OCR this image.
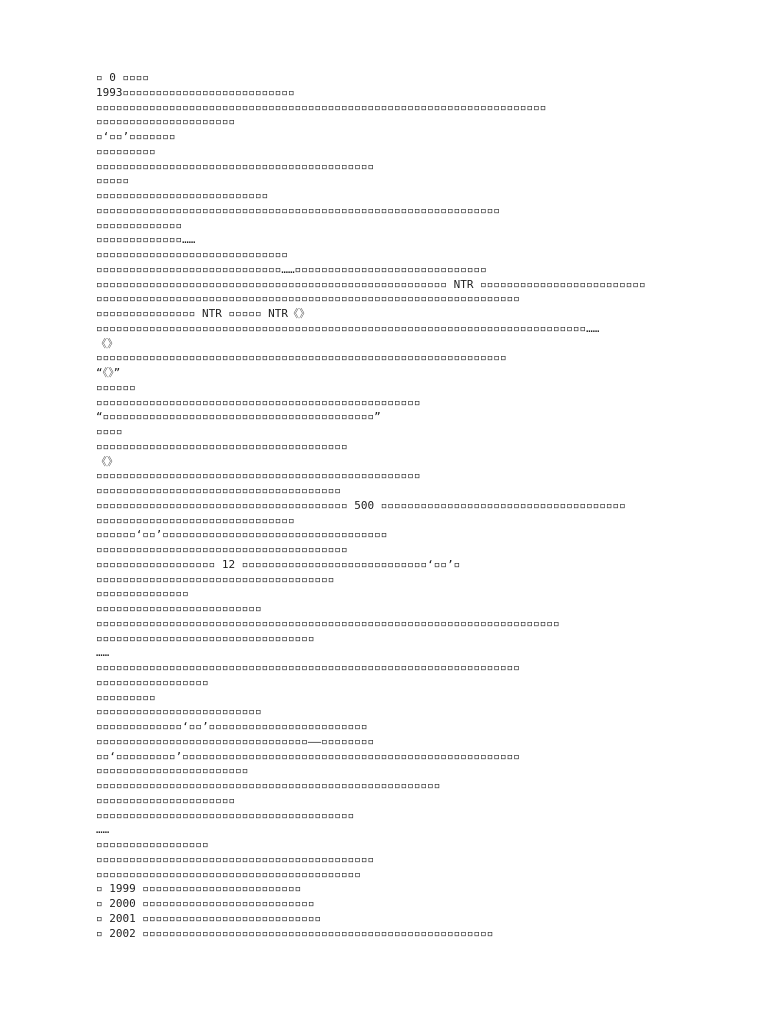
▫ 0 ▫▫▫▫
1993▫▫▫▫▫▫▫▫▫▫▫▫▫▫▫▫▫▫▫▫▫▫▫▫▫▫
▫▫▫▫▫▫▫▫▫▫▫▫▫▫▫▫▫▫▫▫▫▫▫▫▫▫▫▫▫▫▫▫▫▫▫▫▫▫▫▫▫▫▫▫▫▫▫▫▫▫▫▫▫▫▫▫▫▫▫▫▫▫▫▫▫▫▫▫
▫▫▫▫▫▫▫▫▫▫▫▫▫▫▫▫▫▫▫▫▫
▫‘▫▫’▫▫▫▫▫▫▫
▫▫▫▫▫▫▫▫▫
▫▫▫▫▫▫▫▫▫▫▫▫▫▫▫▫▫▫▫▫▫▫▫▫▫▫▫▫▫▫▫▫▫▫▫▫▫▫▫▫▫▫
▫▫▫▫▫
▫▫▫▫▫▫▫▫▫▫▫▫▫▫▫▫▫▫▫▫▫▫▫▫▫▫
▫▫▫▫▫▫▫▫▫▫▫▫▫▫▫▫▫▫▫▫▫▫▫▫▫▫▫▫▫▫▫▫▫▫▫▫▫▫▫▫▫▫▫▫▫▫▫▫▫▫▫▫▫▫▫▫▫▫▫▫▫
▫▫▫▫▫▫▫▫▫▫▫▫▫
▫▫▫▫▫▫▫▫▫▫▫▫▫……
▫▫▫▫▫▫▫▫▫▫▫▫▫▫▫▫▫▫▫▫▫▫▫▫▫▫▫▫▫
▫▫▫▫▫▫▫▫▫▫▫▫▫▫▫▫▫▫▫▫▫▫▫▫▫▫▫▫……▫▫▫▫▫▫▫▫▫▫▫▫▫▫▫▫▫▫▫▫▫▫▫▫▫▫▫▫▫
▫▫▫▫▫▫▫▫▫▫▫▫▫▫▫▫▫▫▫▫▫▫▫▫▫▫▫▫▫▫▫▫▫▫▫▫▫▫▫▫▫▫▫▫▫▫▫▫▫▫▫▫▫ NTR ▫▫▫▫▫▫▫▫▫▫▫▫▫▫▫▫▫▫▫▫▫▫▫▫▫
▫▫▫▫▫▫▫▫▫▫▫▫▫▫▫▫▫▫▫▫▫▫▫▫▫▫▫▫▫▫▫▫▫▫▫▫▫▫▫▫▫▫▫▫▫▫▫▫▫▫▫▫▫▫▫▫▫▫▫▫▫▫▫▫
▫▫▫▫▫▫▫▫▫▫▫▫▫▫▫ NTR ▫▫▫▫▫ NTR《》
▫▫▫▫▫▫▫▫▫▫▫▫▫▫▫▫▫▫▫▫▫▫▫▫▫▫▫▫▫▫▫▫▫▫▫▫▫▫▫▫▫▫▫▫▫▫▫▫▫▫▫▫▫▫▫▫▫▫▫▫▫▫▫▫▫▫▫▫▫▫▫▫▫▫……
《》
▫▫▫▫▫▫▫▫▫▫▫▫▫▫▫▫▫▫▫▫▫▫▫▫▫▫▫▫▫▫▫▫▫▫▫▫▫▫▫▫▫▫▫▫▫▫▫▫▫▫▫▫▫▫▫▫▫▫▫▫▫▫
“《》”
▫▫▫▫▫▫
▫▫▫▫▫▫▫▫▫▫▫▫▫▫▫▫▫▫▫▫▫▫▫▫▫▫▫▫▫▫▫▫▫▫▫▫▫▫▫▫▫▫▫▫▫▫▫▫▫
“▫▫▫▫▫▫▫▫▫▫▫▫▫▫▫▫▫▫▫▫▫▫▫▫▫▫▫▫▫▫▫▫▫▫▫▫▫▫▫▫▫”
▫▫▫▫
▫▫▫▫▫▫▫▫▫▫▫▫▫▫▫▫▫▫▫▫▫▫▫▫▫▫▫▫▫▫▫▫▫▫▫▫▫▫
《》
▫▫▫▫▫▫▫▫▫▫▫▫▫▫▫▫▫▫▫▫▫▫▫▫▫▫▫▫▫▫▫▫▫▫▫▫▫▫▫▫▫▫▫▫▫▫▫▫▫
▫▫▫▫▫▫▫▫▫▫▫▫▫▫▫▫▫▫▫▫▫▫▫▫▫▫▫▫▫▫▫▫▫▫▫▫▫
▫▫▫▫▫▫▫▫▫▫▫▫▫▫▫▫▫▫▫▫▫▫▫▫▫▫▫▫▫▫▫▫▫▫▫▫▫▫ 500 ▫▫▫▫▫▫▫▫▫▫▫▫▫▫▫▫▫▫▫▫▫▫▫▫▫▫▫▫▫▫▫▫▫▫▫▫▫
▫▫▫▫▫▫▫▫▫▫▫▫▫▫▫▫▫▫▫▫▫▫▫▫▫▫▫▫▫▫
▫▫▫▫▫▫‘▫▫’▫▫▫▫▫▫▫▫▫▫▫▫▫▫▫▫▫▫▫▫▫▫▫▫▫▫▫▫▫▫▫▫▫▫
▫▫▫▫▫▫▫▫▫▫▫▫▫▫▫▫▫▫▫▫▫▫▫▫▫▫▫▫▫▫▫▫▫▫▫▫▫▫
▫▫▫▫▫▫▫▫▫▫▫▫▫▫▫▫▫▫ 12 ▫▫▫▫▫▫▫▫▫▫▫▫▫▫▫▫▫▫▫▫▫▫▫▫▫▫▫▫‘▫▫’▫
▫▫▫▫▫▫▫▫▫▫▫▫▫▫▫▫▫▫▫▫▫▫▫▫▫▫▫▫▫▫▫▫▫▫▫▫
▫▫▫▫▫▫▫▫▫▫▫▫▫▫
▫▫▫▫▫▫▫▫▫▫▫▫▫▫▫▫▫▫▫▫▫▫▫▫▫
▫▫▫▫▫▫▫▫▫▫▫▫▫▫▫▫▫▫▫▫▫▫▫▫▫▫▫▫▫▫▫▫▫▫▫▫▫▫▫▫▫▫▫▫▫▫▫▫▫▫▫▫▫▫▫▫▫▫▫▫▫▫▫▫▫▫▫▫▫▫
▫▫▫▫▫▫▫▫▫▫▫▫▫▫▫▫▫▫▫▫▫▫▫▫▫▫▫▫▫▫▫▫▫
……
▫▫▫▫▫▫▫▫▫▫▫▫▫▫▫▫▫▫▫▫▫▫▫▫▫▫▫▫▫▫▫▫▫▫▫▫▫▫▫▫▫▫▫▫▫▫▫▫▫▫▫▫▫▫▫▫▫▫▫▫▫▫▫▫
▫▫▫▫▫▫▫▫▫▫▫▫▫▫▫▫▫
▫▫▫▫▫▫▫▫▫
▫▫▫▫▫▫▫▫▫▫▫▫▫▫▫▫▫▫▫▫▫▫▫▫▫
▫▫▫▫▫▫▫▫▫▫▫▫▫‘▫▫’▫▫▫▫▫▫▫▫▫▫▫▫▫▫▫▫▫▫▫▫▫▫▫▫
▫▫▫▫▫▫▫▫▫▫▫▫▫▫▫▫▫▫▫▫▫▫▫▫▫▫▫▫▫▫▫▫——▫▫▫▫▫▫▫▫
▫▫‘▫▫▫▫▫▫▫▫▫’▫▫▫▫▫▫▫▫▫▫▫▫▫▫▫▫▫▫▫▫▫▫▫▫▫▫▫▫▫▫▫▫▫▫▫▫▫▫▫▫▫▫▫▫▫▫▫▫▫▫▫
▫▫▫▫▫▫▫▫▫▫▫▫▫▫▫▫▫▫▫▫▫▫▫
▫▫▫▫▫▫▫▫▫▫▫▫▫▫▫▫▫▫▫▫▫▫▫▫▫▫▫▫▫▫▫▫▫▫▫▫▫▫▫▫▫▫▫▫▫▫▫▫▫▫▫▫
▫▫▫▫▫▫▫▫▫▫▫▫▫▫▫▫▫▫▫▫▫
▫▫▫▫▫▫▫▫▫▫▫▫▫▫▫▫▫▫▫▫▫▫▫▫▫▫▫▫▫▫▫▫▫▫▫▫▫▫▫
……
▫▫▫▫▫▫▫▫▫▫▫▫▫▫▫▫▫
▫▫▫▫▫▫▫▫▫▫▫▫▫▫▫▫▫▫▫▫▫▫▫▫▫▫▫▫▫▫▫▫▫▫▫▫▫▫▫▫▫▫
▫▫▫▫▫▫▫▫▫▫▫▫▫▫▫▫▫▫▫▫▫▫▫▫▫▫▫▫▫▫▫▫▫▫▫▫▫▫▫▫
▫ 1999 ▫▫▫▫▫▫▫▫▫▫▫▫▫▫▫▫▫▫▫▫▫▫▫▫
▫ 2000 ▫▫▫▫▫▫▫▫▫▫▫▫▫▫▫▫▫▫▫▫▫▫▫▫▫▫
▫ 2001 ▫▫▫▫▫▫▫▫▫▫▫▫▫▫▫▫▫▫▫▫▫▫▫▫▫▫▫
▫ 2002 ▫▫▫▫▫▫▫▫▫▫▫▫▫▫▫▫▫▫▫▫▫▫▫▫▫▫▫▫▫▫▫▫▫▫▫▫▫▫▫▫▫▫▫▫▫▫▫▫▫▫▫▫▫
